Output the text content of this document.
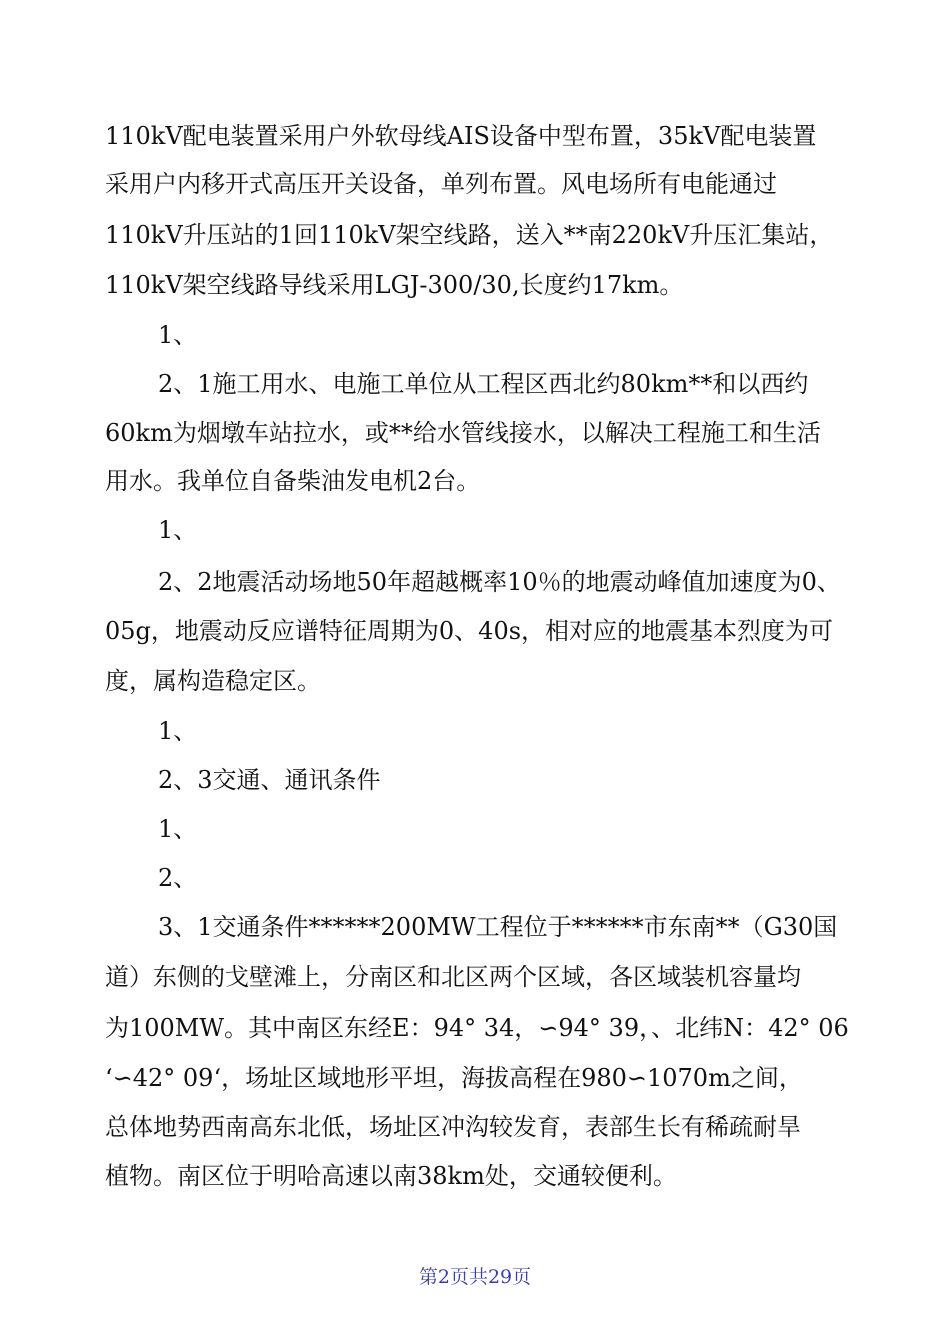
110kV配电装置采用户外软母线AIS设备中型布置，35kV配电装置
采用户内移开式高压开关设备，单列布置。风电场所有电能通过
110kV升压站的1回110kV架空线路，送入**南220kV升压汇集站，
110kV架空线路导线采用LGJ-300/30,长度约17km。
1、
2、1施工用水、电施工单位从工程区西北约80km**和以西约
60km为烟墩车站拉水，或**给水管线接水，以解决工程施工和生活
用水。我单位自备柴油发电机2台。
1、
2、2地震活动场地50年超越概率10％的地震动峰值加速度为0、
05g，地震动反应谱特征周期为0、40s，相对应的地震基本烈度为可
度，属构造稳定区。
1、
2、3交通、通讯条件
1、
2、
3、1交通条件******200MW工程位于******市东南**（G30国
道）东侧的戈壁滩上，分南区和北区两个区域，各区域装机容量均
为100MW。其中南区东经E：94° 34，∽94° 39，、北纬N：42° 06
‘∽42° 09‘，场址区域地形平坦，海拔高程在980∽1070m之间，
总体地势西南高东北低，场址区冲沟较发育，表部生长有稀疏耐旱
植物。南区位于明哈高速以南38km处，交通较便利。
第2页共29页
